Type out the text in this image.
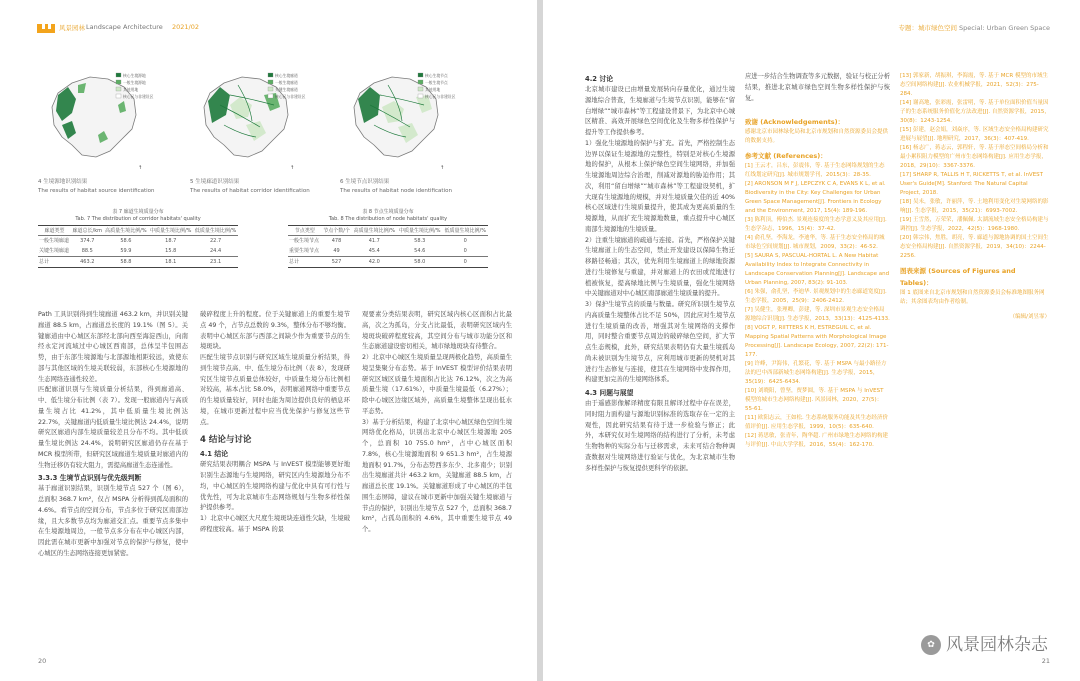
风景园林 Landscape Architecture 2021/02
核心生境源地
一般生境源地
其他用地
核心区与非建设区
↑
核心生境廊道
一般生境廊道
关键生境廊道
核心区与非建设区
↑
核心生境节点
一般生境节点
其他用地
核心区与非建设区
↑
4 生境源地识别结果
The results of habitat source identification
5 生境廊道识别结果
The results of habitat corridor identification
6 生境节点识别结果
The results of habitat node identification
表 7 廊道生境质量分布
Tab. 7 The distribution of corridor habitats' quality
廊道类型	廊道总长/km	高质量生境比例/%	中质量生境比例/%	低质量生境比例/%
一般生境廊道	374.7	58.6	18.7	22.7
关键生境廊道	88.5	59.9	15.8	24.4
总计	463.2	58.8	18.1	23.1
表 8 节点生境质量分布
Tab. 8 The distribution of node habitats' quality
节点类型	节点个数/个	高质量生境比例/%	中质量生境比例/%	低质量生境比例/%
一般生境节点	478	41.7	58.3	0
重要生境节点	49	45.4	54.6	0
总计	527	42.0	58.0	0

Path 工具识别得到生境廊道 463.2 km，并识别关键廊道 88.5 km，占廊道总长度的 19.1%（图 5）。关键廊道由中心城区东部经北部向西至海淀西山，向南经永定河流域过中心城区西南部，总体呈半包围态势，由于东部生境源地与北部源地相距较远，致使东部与其他区域的生境关联较弱，东部核心生境源地的生态网络连通性较差。

匹配廊道识别与生境质量分析结果，得到廊道高、中、低生境分布比例（表 7）。发现一般廊道内与高质量生境占比 41.2%，其中低质量生境比例达 22.7%，关键廊道内低质量生境比例达 24.4%，说明研究区廊道内部生境质量较差且分布不均。其中低质量生境比例达 24.4%，说明研究区廊道仍存在基于 MCR 模型所带，但研究区域廊道生境质量对廊道内的生物迁移仍有较大阻力，需提高廊道生态连通性。

3.3.3 生境节点识别与优先级判断

基于廊道识别结果，识别生境节点 527 个（图 6），总面积 368.7 km²，仅占 MSPA 分析得到孤岛面积的 4.6%。看节点的空间分布，节点多位于研究区南部边缘，且大多数节点均为廊道交汇点。重要节点多集中在生境源地周边，一般节点多分布在中心城区内部，因此需在城市更新中加强对节点的保护与修复，使中心城区的生态网络连接更加紧密。

破碎程度上升的程度。位于关键廊道上的重要生境节点 49 个，占节点总数的 9.3%，整体分布不够均衡。表明中心城区东部与西部之间缺少作为重要节点的生境斑块。

匹配生境节点识别与研究区域生境质量分析结果，得到生境节点高、中、低生境分布比例（表 8），发现研究区生境节点质量总体较好，中质量生境分布比例相对较高，基本占比 58.0%，表明廊道网络中重要节点的生境质量较好，同时也能为周边提供良好的栖息环境，在城市更新过程中应当优先保护与修复这些节点。

4 结论与讨论

4.1 结论

研究结果表明耦合 MSPA 与 InVEST 模型能够更好地识别生态源地与生境网络，研究区内生境源地分布不均，中心城区的生境网络构建与优化中具有可行性与优先性，可为北京城市生态网络规划与生物多样性保护提供参考。

1）北京中心城区大尺度生境斑块连通性欠缺，生境破碎程度较高。基于 MSPA 的景

观要素分类结果表明，研究区域内核心区面积占比最高，次之为孤岛，分支占比最低，表明研究区域内生境斑块破碎程度较高，其空间分布与城市功能分区和生态廊道建设密切相关，城市绿地斑块有待整合。

2）北京中心城区生境质量呈现两极化趋势，高质量生境呈集聚分布态势。基于 InVEST 模型评价结果表明研究区城区质量生境面积占比达 76.12%，次之为高质量生境（17.61%），中质量生境最低（6.27%）；除中心城区边缘区域外，高质量生境整体呈现出低水平态势。

3）基于分析结果，构建了北京中心城区绿色空间生境网络优化格局，识别出北京中心城区生境源地 205 个，总面积 10 755.0 hm²，占中心城区面积 7.8%，核心生境源地面积 9 651.3 hm²，占生境源地面积 91.7%，分布态势西多东少、北多南少；识别出生境廊道共计 463.2 km，关键廊道 88.5 km，占廊道总长度 19.1%。关键廊道形成了中心城区的半包围生态屏障，建议在城市更新中加强关键生境廊道与节点的保护，识别出生境节点 527 个，总面积 368.7 km²，占孤岛面积的 4.6%，其中重要生境节点 49 个。

20
专题：城市绿色空间 Special: Urban Green Space

4.2 讨论

北京城市建设已由增量发展转向存量优化，通过生境源地综合普查，生境廊道与生境节点识别，能够在“留白增绿”“城市森林”等工程建设背景下，为北京中心城区精准、高效开展绿色空间优化及生物多样性保护与提升等工作提供参考。

1）强化生境源地的保护与扩充。首先，严格控制生态边界以保证生境源地的完整性，特别是对核心生境源地的保护，从根本上保护绿色空间生境网络，并加强生境源地周边综合治理，削减对源地的胁迫作用；其次，利用“留白增绿”“城市森林”等工程建设契机，扩大现有生境源地的规模，并对生境质量欠佳的近 40% 核心区域进行生境质量提升，使其成为更高质量的生境源地，从而扩充生境源地数量，重点提升中心城区南部生境源地的生境质量。

2）注重生境廊道的疏通与连接。首先，严格保护关键生境廊道上的生态空间，禁止开发建设以保障生物迁移路径畅通；其次，优先利用生境廊道上的绿地资源进行生境修复与重建，并对廊道上的衣田或荒地进行植被恢复，提高绿地比例与生境质量，强化生境网络中关键廊道对中心城区南部廊道生境质量的提升。

3）保护生境节点的质量与数量。研究所识别生境节点内高质量生境整体占比不足 50%，因此应对生境节点进行生境质量的改善，增强其对生境网络的支撑作用，同时整合重要节点周边的破碎绿色空间，扩大节点生态规模，此外，研究结果表明仍有大量生境孤岛尚未被识别为生境节点，应利用城市更新的契机对其进行生态修复与连接，使其在生境网络中发挥作用，构建更加完善的生境网络体系。

4.3 问题与展望

由于遥感影像解译精度有限且解译过程中存在误差，同时阻力面构建与源地识别标准的选取存在一定的主观性，因此研究结果有待于进一步检验与修正；此外，本研究仅对生境网络的结构进行了分析，未考虑生物物种的实际分布与迁移需求，未来可结合物种调查数据对生境网络进行验证与优化，为北京城市生物多样性保护与恢复提供更科学的依据。

应进一步结合生物调查等多元数据，验证与校正分析结果，推进北京城市绿色空间生物多样性保护与恢复。

致谢 (Acknowledgements)：

感谢北京市园林绿化局和北京市规划和自然资源委员会提供的数据支持。

参考文献 (References)：

[1] 王云才，吕东，彭震伟，等. 基于生态网络规划的生态红线划定研究[J]. 城市规划学刊，2015(3)：28-35.

[2] ARONSON M F J, LEPCZYK C A, EVANS K L, et al. Biodiversity in the City: Key Challenges for Urban Green Space Management[J]. Frontiers in Ecology and the Environment, 2017, 15(4): 189-196.

[3] 陈利顶，傅伯杰. 景观连接度的生态学意义及其应用[J]. 生态学杂志，1996，15(4)：37-42.

[4] 俞孔坚，李海龙，李迪华，等. 基于生态安全格局的城市绿色空间规划[J]. 城市规划，2009，33(2)：46-52.

[5] SAURA S, PASCUAL-HORTAL L. A New Habitat Availability Index to Integrate Connectivity in Landscape Conservation Planning[J]. Landscape and Urban Planning, 2007, 83(2): 91-103.

[6] 朱强，俞孔坚，李迪华. 景观规划中的生态廊道宽度[J]. 生态学报，2005，25(9)：2406-2412.

[7] 吴健生，张理卿，彭建，等. 深圳市景观生态安全格局源地综合识别[J]. 生态学报，2013，33(13)：4125-4133.

[8] VOGT P, RIITTERS K H, ESTREGUIL C, et al. Mapping Spatial Patterns with Morphological Image Processing[J]. Landscape Ecology, 2007, 22(2): 171-177.

[9] 许峰，尹海伟，孔繁花，等. 基于 MSPA 与最小路径方法的巴中西部新城生态网络构建[J]. 生态学报，2015，35(19)：6425-6434.

[10] 刘晓阳，曾坚，贾梦圆，等. 基于 MSPA 与 InVEST 模型的城市生态网络构建[J]. 风景园林，2020，27(5)：55-61.

[11] 欧阳志云，王如松. 生态系统服务功能及其生态经济价值评价[J]. 应用生态学报，1999，10(5)：635-640.

[12] 蒋思敏，张青年，陶华超. 广州市绿地生态网络的构建与评价[J]. 中山大学学报，2016，55(4)：162-170.

[13] 郭家新，胡振琪，李海霞，等. 基于 MCR 模型的市域生态空间网络构建[J]. 农业机械学报，2021，52(3)：275-284.

[14] 谢高地，张彩霞，张雷明，等. 基于单位面积价值当量因子的生态系统服务价值化方法改进[J]. 自然资源学报，2015，30(8)：1243-1254.

[15] 彭建，赵会娟，刘焱序，等. 区域生态安全格局构建研究进展与展望[J]. 地理研究，2017，36(3)：407-419.

[16] 杨志广，蒋志云，郭程轩，等. 基于形态空间格局分析和最小累积阻力模型的广州市生态网络构建[J]. 应用生态学报，2018，29(10)：3367-3376.

[17] SHARP R, TALLIS H T, RICKETTS T, et al. InVEST User's Guide[M]. Stanford: The Natural Capital Project, 2018.

[18] 吴未，张敏，许丽萍，等. 土地利用变化对生境网络的影响[J]. 生态学报，2015，35(21)：6993-7002.

[19] 王雪然，万荣荣，潘佩佩. 太湖流域生态安全格局构建与调控[J]. 生态学报，2022，42(5)：1968-1980.

[20] 韩宗伟，焦胜，胡亮，等. 廊道与源地协调的国土空间生态安全格局构建[J]. 自然资源学报，2019，34(10)：2244-2256.

图表来源 (Sources of Figures and Tables)：

图 1 底图来自北京市规划和自然资源委员会标准地图服务网站；其余图表均由作者绘制。

（编辑/刘昱霏）

21
✿ 风景园林杂志
